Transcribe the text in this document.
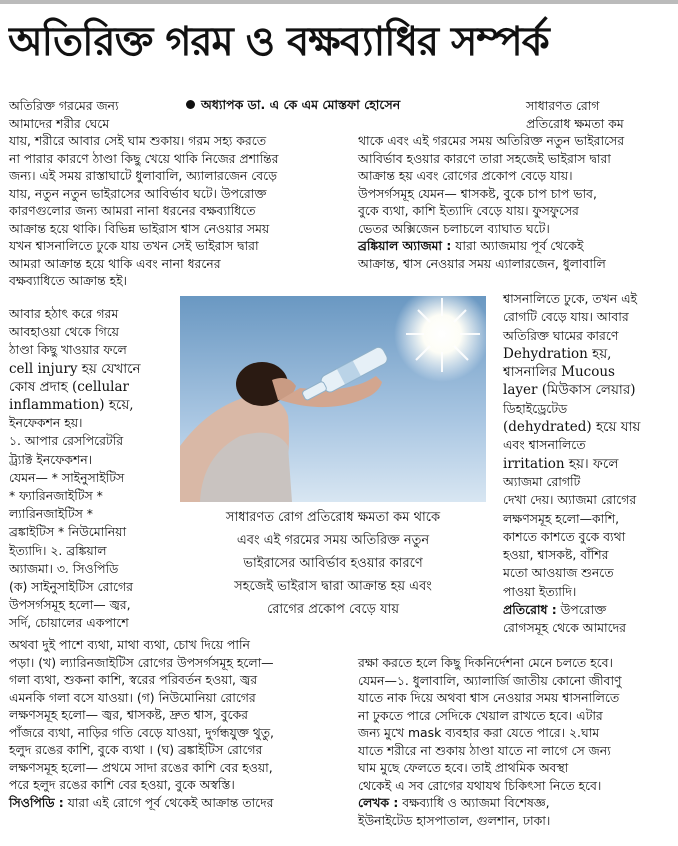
অতিরিক্ত গরম ও বক্ষব্যাধির সম্পর্ক

অতিরিক্ত গরমের জন্য

আমাদের শরীর ঘেমে

অধ্যাপক ডা. এ কে এম মোস্তফা হোসেন

যায়, শরীরে আবার সেই ঘাম শুকায়। গরম সহ্য করতে

না পারার কারণে ঠাণ্ডা কিছু খেয়ে থাকি নিজের প্রশান্তির

জন্য। এই সময় রাস্তাঘাটে ধুলাবালি, অ্যালারজেন বেড়ে

যায়, নতুন নতুন ভাইরাসের আবির্ভাব ঘটে। উপরোক্ত

কারণগুলোর জন্য আমরা নানা ধরনের বক্ষব্যাধিতে

আক্রান্ত হয়ে থাকি। বিভিন্ন ভাইরাস শ্বাস নেওয়ার সময়

যখন শ্বাসনালিতে ঢুকে যায় তখন সেই ভাইরাস দ্বারা

আমরা আক্রান্ত হয়ে থাকি এবং নানা ধরনের

বক্ষব্যাধিতে আক্রান্ত হই।

আবার হঠাৎ করে গরম

আবহাওয়া থেকে গিয়ে

ঠাণ্ডা কিছু খাওয়ার ফলে

cell injury হয় যেখানে

কোষ প্রদাহ (cellular

inflammation) হয়ে,

ইনফেকশন হয়।

১. আপার রেসপিরেটরি

ট্র্যাক্ট ইনফেকশন।

যেমন— * সাইনুসাইটিস

* ফ্যারিনজাইটিস *

ল্যারিনজাইটিস *

ব্রঙ্কাইটিস * নিউমোনিয়া

ইত্যাদি। ২. ব্রঙ্কিয়াল

অ্যাজমা। ৩. সিওপিডি

(ক) সাইনুসাইটিস রোগের

উপসর্গসমূহ হলো— জ্বর,

সর্দি, চোয়ালের একপাশে

অথবা দুই পাশে ব্যথা, মাথা ব্যথা, চোখ দিয়ে পানি

পড়া। (খ) ল্যারিনজাইটিস রোগের উপসর্গসমূহ হলো—

গলা ব্যথা, শুকনা কাশি, স্বরের পরিবর্তন হওয়া, জ্বর

এমনকি গলা বসে যাওয়া। (গ) নিউমোনিয়া রোগের

লক্ষণসমূহ হলো— জ্বর, শ্বাসকষ্ট, দ্রুত শ্বাস, বুকের

পাঁজরে ব্যথা, নাড়ির গতি বেড়ে যাওয়া, দুর্গন্ধযুক্ত থুতু,

হলুদ রঙের কাশি, বুকে ব্যথা । (ঘ) ব্রঙ্কাইটিস রোগের

লক্ষণসমূহ হলো— প্রথমে সাদা রঙের কাশি বের হওয়া,

পরে হলুদ রঙের কাশি বের হওয়া, বুকে অস্বস্তি।

সিওপিডি : যারা এই রোগে পূর্ব থেকেই আক্রান্ত তাদের

সাধারণত রোগ

প্রতিরোধ ক্ষমতা কম

থাকে এবং এই গরমের সময় অতিরিক্ত নতুন ভাইরাসের

আবির্ভাব হওয়ার কারণে তারা সহজেই ভাইরাস দ্বারা

আক্রান্ত হয় এবং রোগের প্রকোপ বেড়ে যায়।

উপসর্গসমূহ যেমন— শ্বাসকষ্ট, বুকে চাপ চাপ ভাব,

বুকে ব্যথা, কাশি ইত্যাদি বেড়ে যায়। ফুসফুসের

ভেতর অক্সিজেন চলাচলে ব্যাঘাত ঘটে।

ব্রঙ্কিয়াল অ্যাজমা : যারা অ্যাজমায় পূর্ব থেকেই

আক্রান্ত, শ্বাস নেওয়ার সময় এ্যালারজেন, ধুলাবালি

শ্বাসনালিতে ঢুকে, তখন এই

রোগটি বেড়ে যায়। আবার

অতিরিক্ত ঘামের কারণে

Dehydration হয়,

শ্বাসনালির Mucous

layer (মিউকাস লেয়ার)

ডিহাইড্রেটেড

(dehydrated) হয়ে যায়

এবং শ্বাসনালিতে

irritation হয়। ফলে

অ্যাজমা রোগটি

দেখা দেয়। অ্যাজমা রোগের

লক্ষণসমূহ হলো—কাশি,

কাশতে কাশতে বুকে ব্যথা

হওয়া, শ্বাসকষ্ট, বাঁশির

মতো আওয়াজ শুনতে

পাওয়া ইত্যাদি।

প্রতিরোধ : উপরোক্ত

রোগসমূহ থেকে আমাদের

রক্ষা করতে হলে কিছু দিকনির্দেশনা মেনে চলতে হবে।

যেমন—১. ধুলাবালি, অ্যালার্জি জাতীয় কোনো জীবাণু

যাতে নাক দিয়ে অথবা শ্বাস নেওয়ার সময় শ্বাসনালিতে

না ঢুকতে পারে সেদিকে খেয়াল রাখতে হবে। এটার

জন্য মুখে mask ব্যবহার করা যেতে পারে। ২.ঘাম

যাতে শরীরে না শুকায় ঠাণ্ডা যাতে না লাগে সে জন্য

ঘাম মুছে ফেলতে হবে। তাই প্রাথমিক অবস্থা

থেকেই এ সব রোগের যথাযথ চিকিৎসা নিতে হবে।

লেখক : বক্ষব্যাধি ও অ্যাজমা বিশেষজ্ঞ,

ইউনাইটেড হাসপাতাল, গুলশান, ঢাকা।

সাধারণত রোগ প্রতিরোধ ক্ষমতা কম থাকে
এবং এই গরমের সময় অতিরিক্ত নতুন
ভাইরাসের আবির্ভাব হওয়ার কারণে
সহজেই ভাইরাস দ্বারা আক্রান্ত হয় এবং
রোগের প্রকোপ বেড়ে যায়
